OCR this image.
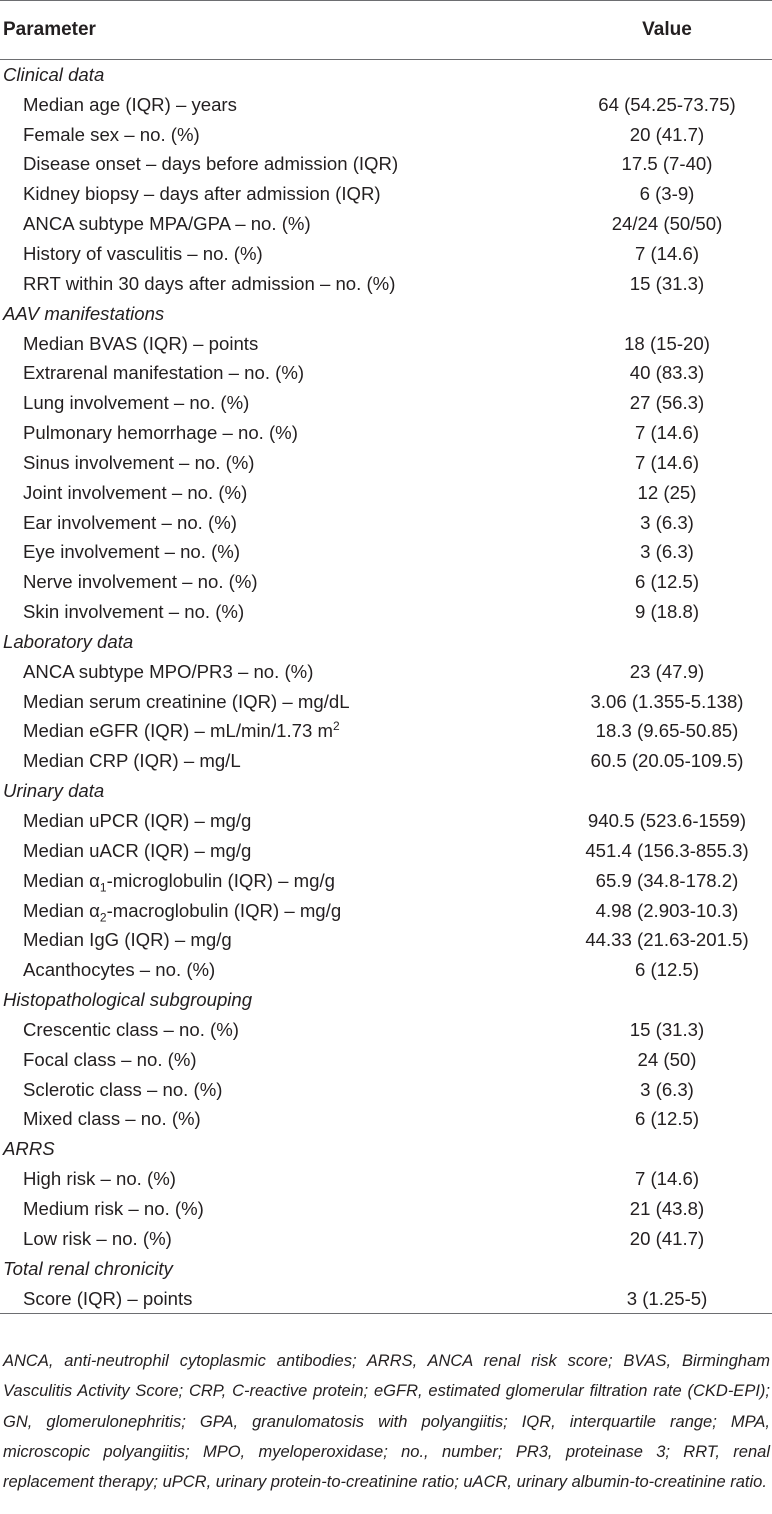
Parameter	Value
Clinical data	
Median age (IQR) – years	64 (54.25-73.75)
Female sex – no. (%)	20 (41.7)
Disease onset – days before admission (IQR)	17.5 (7-40)
Kidney biopsy – days after admission (IQR)	6 (3-9)
ANCA subtype MPA/GPA – no. (%)	24/24 (50/50)
History of vasculitis – no. (%)	7 (14.6)
RRT within 30 days after admission – no. (%)	15 (31.3)
AAV manifestations	
Median BVAS (IQR) – points	18 (15-20)
Extrarenal manifestation – no. (%)	40 (83.3)
Lung involvement – no. (%)	27 (56.3)
Pulmonary hemorrhage – no. (%)	7 (14.6)
Sinus involvement – no. (%)	7 (14.6)
Joint involvement – no. (%)	12 (25)
Ear involvement – no. (%)	3 (6.3)
Eye involvement – no. (%)	3 (6.3)
Nerve involvement – no. (%)	6 (12.5)
Skin involvement – no. (%)	9 (18.8)
Laboratory data	
ANCA subtype MPO/PR3 – no. (%)	23 (47.9)
Median serum creatinine (IQR) – mg/dL	3.06 (1.355-5.138)
Median eGFR (IQR) – mL/min/1.73 $m^2$	18.3 (9.65-50.85)
Median CRP (IQR) – mg/L	60.5 (20.05-109.5)
Urinary data	
Median uPCR (IQR) – mg/g	940.5 (523.6-1559)
Median uACR (IQR) – mg/g	451.4 (156.3-855.3)
Median $\alpha_1$-microglobulin (IQR) – mg/g	65.9 (34.8-178.2)
Median $\alpha_2$-macroglobulin (IQR) – mg/g	4.98 (2.903-10.3)
Median IgG (IQR) – mg/g	44.33 (21.63-201.5)
Acanthocytes – no. (%)	6 (12.5)
Histopathological subgrouping	
Crescentic class – no. (%)	15 (31.3)
Focal class – no. (%)	24 (50)
Sclerotic class – no. (%)	3 (6.3)
Mixed class – no. (%)	6 (12.5)
ARRS	
High risk – no. (%)	7 (14.6)
Medium risk – no. (%)	21 (43.8)
Low risk – no. (%)	20 (41.7)
Total renal chronicity	
Score (IQR) – points	3 (1.25-5)

ANCA, anti-neutrophil cytoplasmic antibodies; ARRS, ANCA renal risk score; BVAS, Birmingham Vasculitis Activity Score; CRP, C-reactive protein; eGFR, estimated glomerular filtration rate (CKD-EPI); GN, glomerulonephritis; GPA, granulomatosis with polyangiitis; IQR, interquartile range; MPA, microscopic polyangiitis; MPO, myeloperoxidase; no., number; PR3, proteinase 3; RRT, renal replacement therapy; uPCR, urinary protein-to-creatinine ratio; uACR, urinary albumin-to-creatinine ratio.
